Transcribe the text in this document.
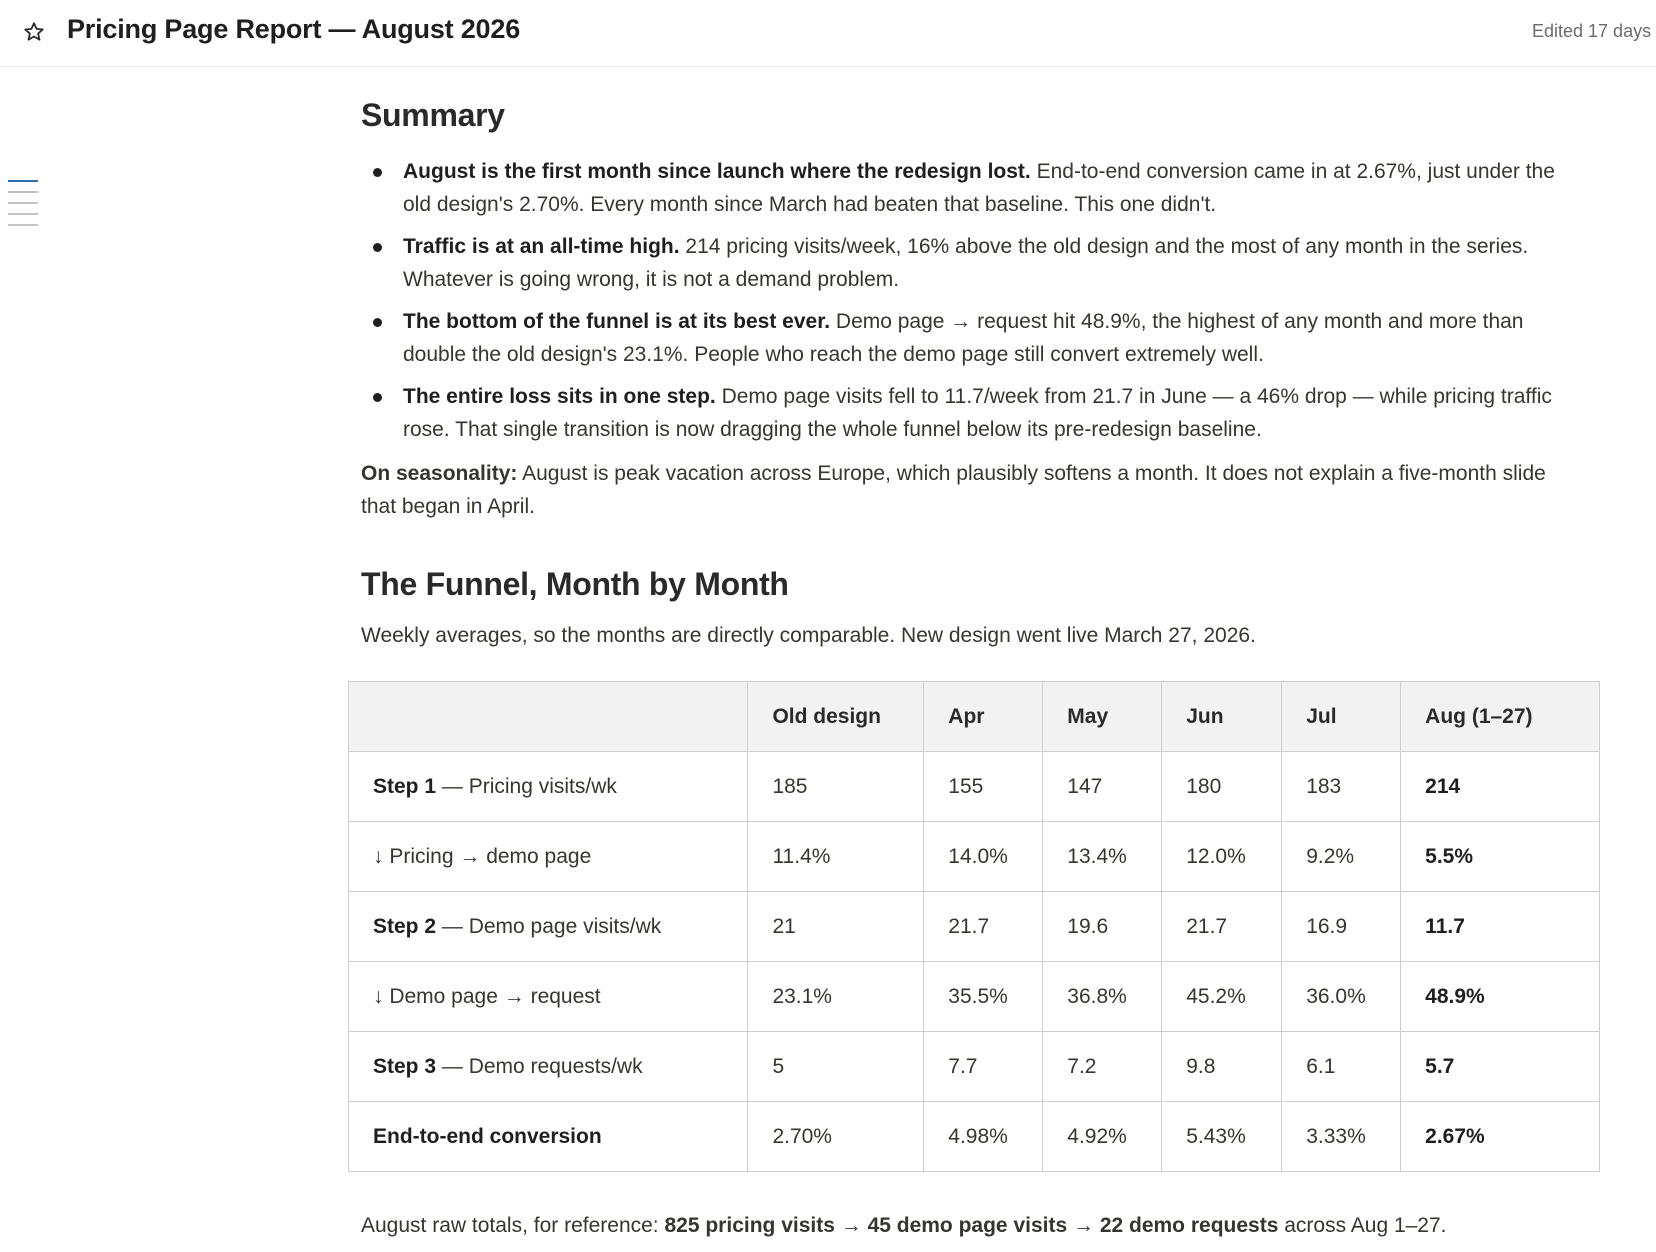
Pricing Page Report — August 2026	Edited 17 days
Summary
August is the first month since launch where the redesign lost. End-to-end conversion came in at 2.67%, just under the old design's 2.70%. Every month since March had beaten that baseline. This one didn't.
Traffic is at an all-time high. 214 pricing visits/week, 16% above the old design and the most of any month in the series. Whatever is going wrong, it is not a demand problem.
The bottom of the funnel is at its best ever. Demo page → request hit 48.9%, the highest of any month and more than double the old design's 23.1%. People who reach the demo page still convert extremely well.
The entire loss sits in one step. Demo page visits fell to 11.7/week from 21.7 in June — a 46% drop — while pricing traffic rose. That single transition is now dragging the whole funnel below its pre-redesign baseline.
On seasonality: August is peak vacation across Europe, which plausibly softens a month. It does not explain a five-month slide that began in April.
The Funnel, Month by Month
Weekly averages, so the months are directly comparable. New design went live March 27, 2026.
	Old design	Apr	May	Jun	Jul	Aug (1–27)
Step 1 — Pricing visits/wk	185	155	147	180	183	214
↓ Pricing → demo page	11.4%	14.0%	13.4%	12.0%	9.2%	5.5%
Step 2 — Demo page visits/wk	21	21.7	19.6	21.7	16.9	11.7
↓ Demo page → request	23.1%	35.5%	36.8%	45.2%	36.0%	48.9%
Step 3 — Demo requests/wk	5	7.7	7.2	9.8	6.1	5.7
End-to-end conversion	2.70%	4.98%	4.92%	5.43%	3.33%	2.67%
August raw totals, for reference: 825 pricing visits → 45 demo page visits → 22 demo requests across Aug 1–27.
